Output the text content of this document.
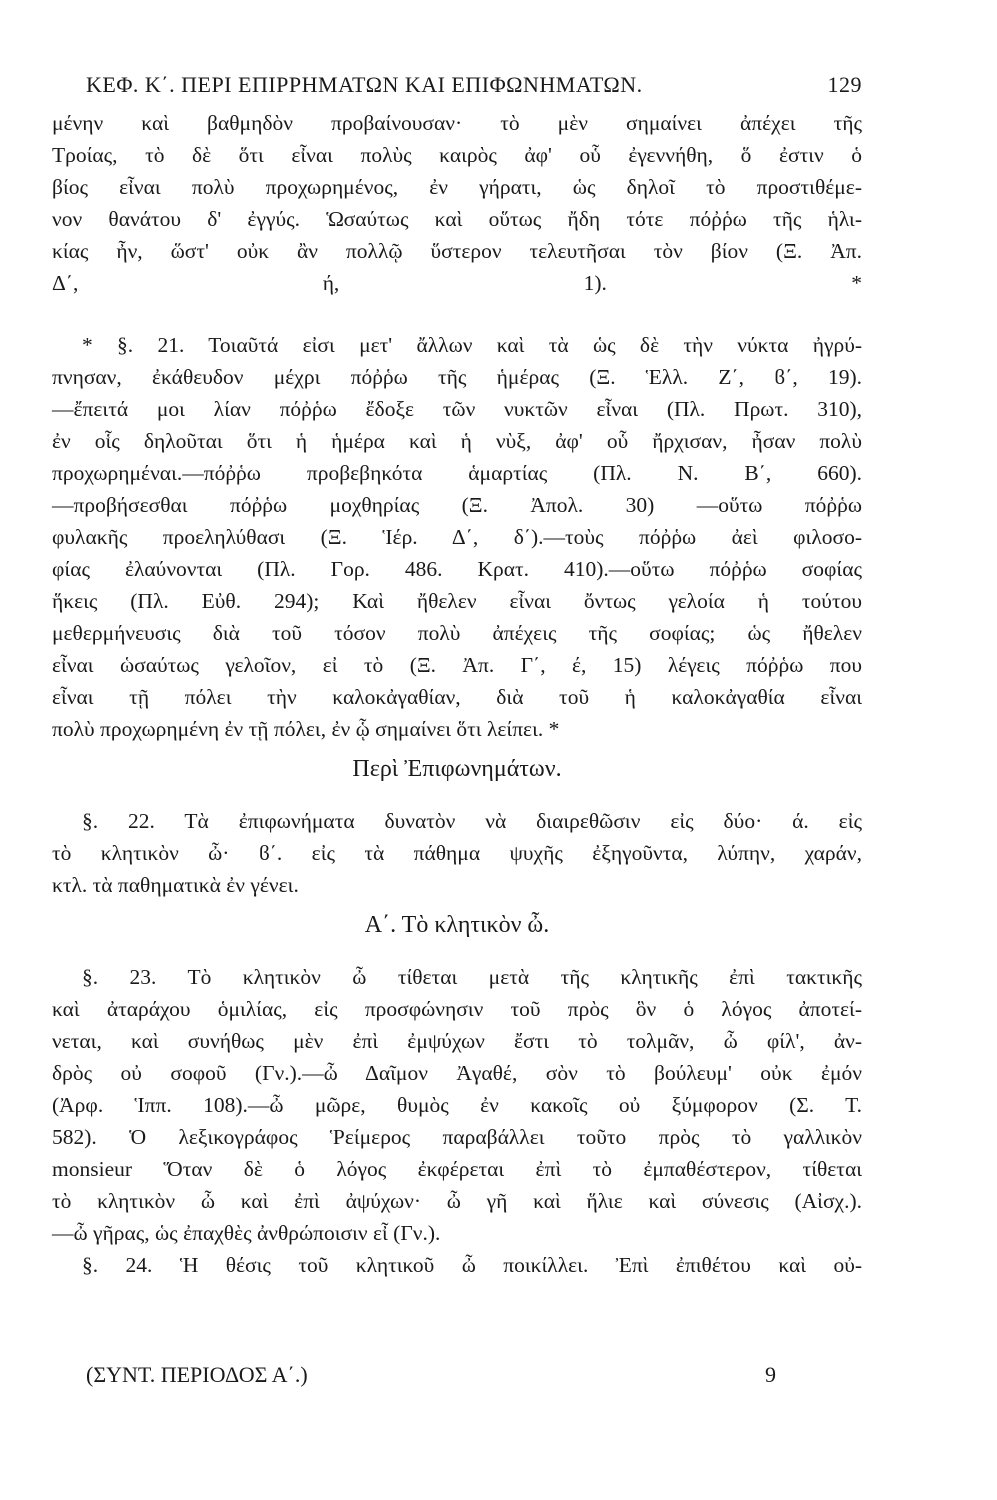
ΚΕΦ. Κ΄. ΠΕΡΙ ΕΠΙΡΡΗΜΑΤΩΝ ΚΑΙ ΕΠΙΦΩΝΗΜΑΤΩΝ.	129
μένην καὶ βαθμηδὸν προβαίνουσαν· τὸ μὲν σημαίνει ἀπέχει τῆς
Τροίας, τὸ δὲ ὅτι εἶναι πολὺς καιρὸς ἀφ' οὗ ἐγεννήθη, ὅ ἐστιν ὁ
βίος εἶναι πολὺ προχωρημένος, ἐν γήρατι, ὡς δηλοῖ τὸ προστιθέμε-
νον θανάτου δ' ἐγγύς. Ὡσαύτως καὶ οὕτως ἤδη τότε πόῤῥω τῆς ἡλι-
κίας ἦν, ὥστ' οὐκ ἂν πολλῷ ὕστερον τελευτῆσαι τὸν βίον (Ξ. Ἀπ.
Δ΄, ή, 1). *
* §. 21. Τοιαῦτά εἰσι μετ' ἄλλων καὶ τὰ ὡς δὲ τὴν νύκτα ἠγρύ-
πνησαν, ἐκάθευδον μέχρι πόῤῥω τῆς ἡμέρας (Ξ. Ἑλλ. Ζ΄, ϐ΄, 19).
—ἔπειτά μοι λίαν πόῤῥω ἔδοξε τῶν νυκτῶν εἶναι (Πλ. Πρωτ. 310),
ἐν οἷς δηλοῦται ὅτι ἡ ἡμέρα καὶ ἡ νὺξ, ἀφ' οὗ ἤρχισαν, ἦσαν πολὺ
προχωρημέναι.—πόῤῥω προβεβηκότα ἁμαρτίας (Πλ. Ν. Β΄, 660).
—προβήσεσθαι πόῤῥω μοχθηρίας (Ξ. Ἀπολ. 30) —οὕτω πόῤῥω
φυλακῆς προεληλύθασι (Ξ. Ἱέρ. Δ΄, δ΄).—τοὺς πόῤῥω ἀεὶ φιλοσο-
φίας ἐλαύνονται (Πλ. Γορ. 486. Κρατ. 410).—οὕτω πόῤῥω σοφίας
ἥκεις (Πλ. Εὐθ. 294); Καὶ ἤθελεν εἶναι ὄντως γελοία ἡ τούτου
μεθερμήνευσις διὰ τοῦ τόσον πολὺ ἀπέχεις τῆς σοφίας; ὡς ἤθελεν
εἶναι ὡσαύτως γελοῖον, εἰ τὸ (Ξ. Ἀπ. Γ΄, έ, 15) λέγεις πόῤῥω που
εἶναι τῇ πόλει τὴν καλοκἀγαθίαν, διὰ τοῦ ἡ καλοκἀγαθία εἶναι
πολὺ προχωρημένη ἐν τῇ πόλει, ἐν ᾧ σημαίνει ὅτι λείπει. *
Περὶ Ἐπιφωνημάτων.
§. 22. Τὰ ἐπιφωνήματα δυνατὸν νὰ διαιρεθῶσιν εἰς δύο· ά. εἰς
τὸ κλητικὸν ὦ· ϐ΄. εἰς τὰ πάθημα ψυχῆς ἐξηγοῦντα, λύπην, χαράν,
κτλ. τὰ παθηματικὰ ἐν γένει.
Α΄. Τὸ κλητικὸν ὦ.
§. 23. Τὸ κλητικὸν ὦ τίθεται μετὰ τῆς κλητικῆς ἐπὶ τακτικῆς
καὶ ἀταράχου ὁμιλίας, εἰς προσφώνησιν τοῦ πρὸς ὃν ὁ λόγος ἀποτεί-
νεται, καὶ συνήθως μὲν ἐπὶ ἐμψύχων ἔστι τὸ τολμᾶν, ὦ φίλ', ἀν-
δρὸς οὐ σοφοῦ (Γν.).—ὦ Δαῖμον Ἀγαθέ, σὸν τὸ βούλευμ' οὐκ ἐμόν
(Ἀρφ. Ἱππ. 108).—ὦ μῶρε, θυμὸς ἐν κακοῖς οὐ ξύμφορον (Σ. Τ.
582). Ὁ λεξικογράφος Ῥείμερος παραβάλλει τοῦτο πρὸς τὸ γαλλικὸν
monsieur Ὅταν δὲ ὁ λόγος ἐκφέρεται ἐπὶ τὸ ἐμπαθέστερον, τίθεται
τὸ κλητικὸν ὦ καὶ ἐπὶ ἀψύχων· ὦ γῆ καὶ ἥλιε καὶ σύνεσις (Αἰσχ.).
—ὦ γῆρας, ὡς ἐπαχθὲς ἀνθρώποισιν εἶ (Γν.).
§. 24. Ἡ θέσις τοῦ κλητικοῦ ὦ ποικίλλει. Ἐπὶ ἐπιθέτου καὶ οὐ-
(ΣΥΝΤ. ΠΕΡΙΟΔΟΣ Α΄.)	9
